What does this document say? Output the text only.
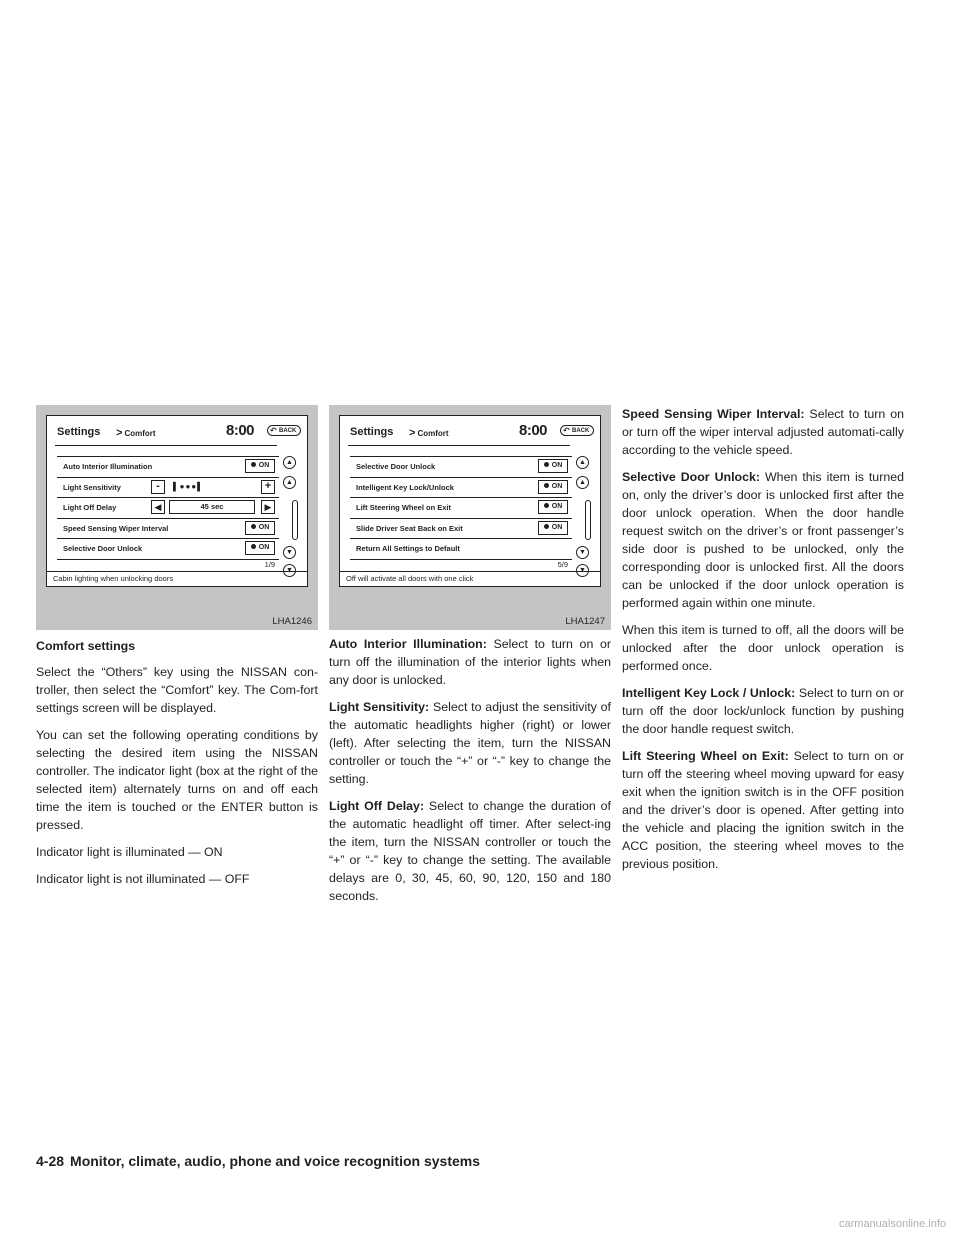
Settings > Comfort	8:00 ↶ BACK
Auto Interior Illumination	ON
Light Sensitivity	-	▌●●●▌	+
Light Off Delay	◀	45 sec	▶
Speed Sensing Wiper Interval	ON
Selective Door Unlock	ON
▲
▲
▼
1/9
Cabin lighting when unlocking doors
LHA1246
Comfort settings

Select the “Others” key using the NISSAN con-troller, then select the “Comfort” key. The Com-fort settings screen will be displayed.

You can set the following operating conditions by selecting the desired item using the NISSAN controller. The indicator light (box at the right of the selected item) alternately turns on and off each time the item is touched or the ENTER button is pressed.

Indicator light is illuminated — ON

Indicator light is not illuminated — OFF

Settings > Comfort	8:00 ↶ BACK
Selective Door Unlock	ON
Intelligent Key Lock/Unlock	ON
Lift Steering Wheel on Exit	ON
Slide Driver Seat Back on Exit	ON
Return All Settings to Default
▲
▲
▼
5/9
Off will activate all doors with one click
LHA1247

Auto Interior Illumination: Select to turn on or turn off the illumination of the interior lights when any door is unlocked.

Light Sensitivity: Select to adjust the sensitivity of the automatic headlights higher (right) or lower (left). After selecting the item, turn the NISSAN controller or touch the “+” or “-” key to change the setting.

Light Off Delay: Select to change the duration of the automatic headlight off timer. After select-ing the item, turn the NISSAN controller or touch the “+” or “-” key to change the setting. The available delays are 0, 30, 45, 60, 90, 120, 150 and 180 seconds.

Speed Sensing Wiper Interval: Select to turn on or turn off the wiper interval adjusted automati-cally according to the vehicle speed.

Selective Door Unlock: When this item is turned on, only the driver’s door is unlocked first after the door unlock operation. When the door handle request switch on the driver’s or front passenger’s side door is pushed to be unlocked, only the corresponding door is unlocked first. All the doors can be unlocked if the door unlock operation is performed again within one minute.

When this item is turned to off, all the doors will be unlocked after the door unlock operation is performed once.

Intelligent Key Lock / Unlock: Select to turn on or turn off the door lock/unlock function by pushing the door handle request switch.

Lift Steering Wheel on Exit: Select to turn on or turn off the steering wheel moving upward for easy exit when the ignition switch is in the OFF position and the driver’s door is opened. After getting into the vehicle and placing the ignition switch in the ACC position, the steering wheel moves to the previous position.

4-28 Monitor, climate, audio, phone and voice recognition systems
carmanualsonline.info
